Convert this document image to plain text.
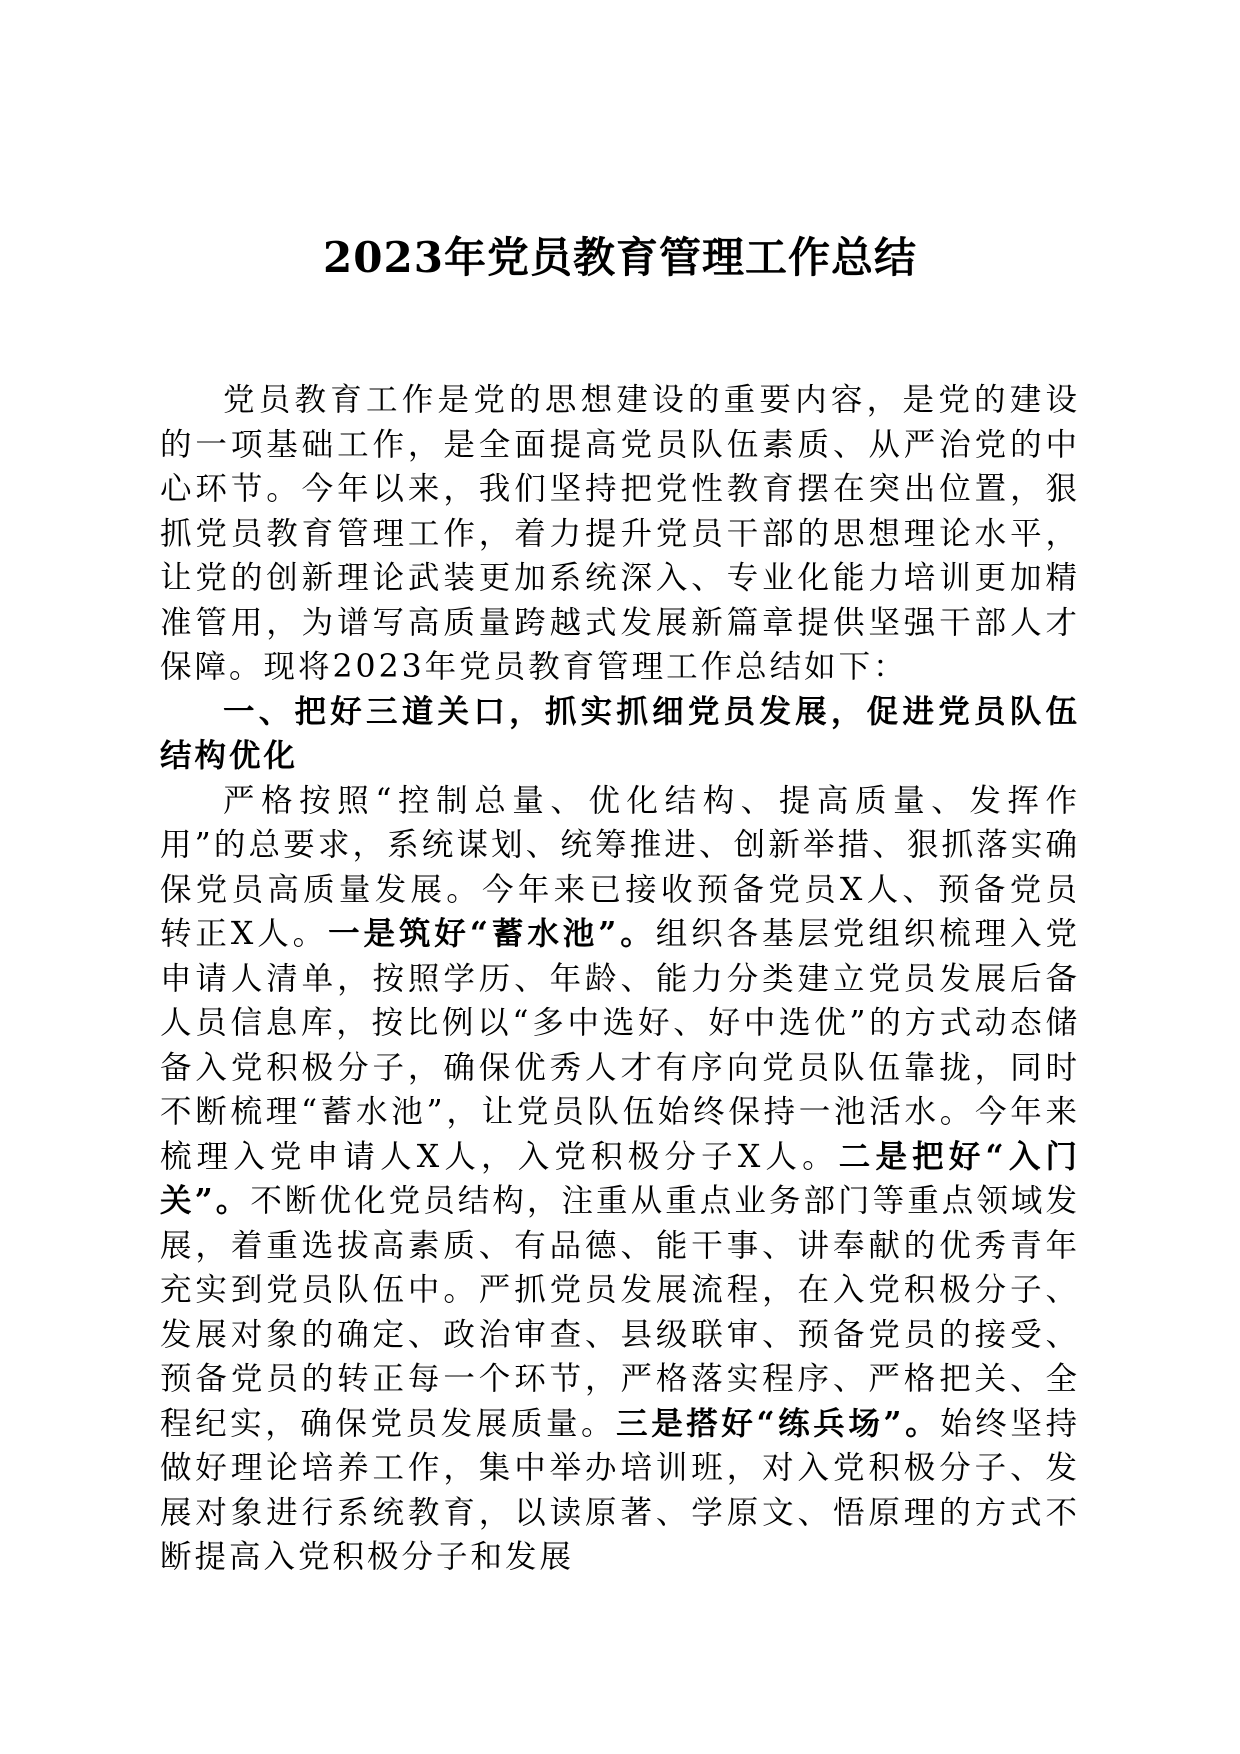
2023年党员教育管理工作总结

党员教育工作是党的思想建设的重要内容，是党的建设的一项基础工作，是全面提高党员队伍素质、从严治党的中心环节。今年以来，我们坚持把党性教育摆在突出位置，狠抓党员教育管理工作，着力提升党员干部的思想理论水平，让党的创新理论武装更加系统深入、专业化能力培训更加精准管用，为谱写高质量跨越式发展新篇章提供坚强干部人才保障。现将2023年党员教育管理工作总结如下：

一、把好三道关口，抓实抓细党员发展，促进党员队伍结构优化

严格按照“控制总量、优化结构、提高质量、发挥作用”的总要求，系统谋划、统筹推进、创新举措、狠抓落实确保党员高质量发展。今年来已接收预备党员X人、预备党员转正X人。一是筑好“蓄水池”。组织各基层党组织梳理入党申请人清单，按照学历、年龄、能力分类建立党员发展后备人员信息库，按比例以“多中选好、好中选优”的方式动态储备入党积极分子，确保优秀人才有序向党员队伍靠拢，同时不断梳理“蓄水池”，让党员队伍始终保持一池活水。今年来梳理入党申请人X人，入党积极分子X人。二是把好“入门关”。不断优化党员结构，注重从重点业务部门等重点领域发展，着重选拔高素质、有品德、能干事、讲奉献的优秀青年充实到党员队伍中。严抓党员发展流程，在入党积极分子、发展对象的确定、政治审查、县级联审、预备党员的接受、预备党员的转正每一个环节，严格落实程序、严格把关、全程纪实，确保党员发展质量。三是搭好“练兵场”。始终坚持做好理论培养工作，集中举办培训班，对入党积极分子、发展对象进行系统教育，以读原著、学原文、悟原理的方式不断提高入党积极分子和发展
